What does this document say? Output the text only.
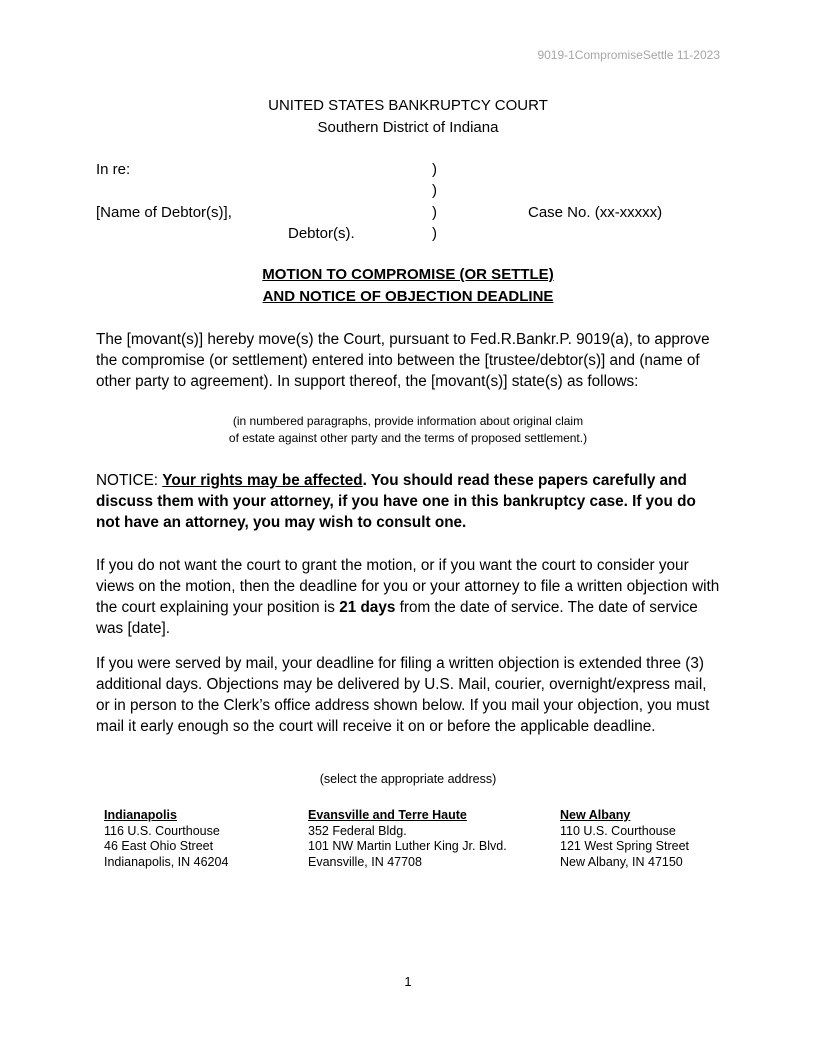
9019-1CompromiseSettle 11-2023
UNITED STATES BANKRUPTCY COURT
Southern District of Indiana
In re:
[Name of Debtor(s)],
Debtor(s).
)
)
)
)
Case No. (xx-xxxxx)
MOTION TO COMPROMISE (OR SETTLE)
AND NOTICE OF OBJECTION DEADLINE
The [movant(s)] hereby move(s) the Court, pursuant to Fed.R.Bankr.P. 9019(a), to approve the compromise (or settlement) entered into between the [trustee/debtor(s)] and (name of other party to agreement). In support thereof, the [movant(s)] state(s) as follows:
(in numbered paragraphs, provide information about original claim
of estate against other party and the terms of proposed settlement.)
NOTICE: Your rights may be affected. You should read these papers carefully and discuss them with your attorney, if you have one in this bankruptcy case. If you do not have an attorney, you may wish to consult one.
If you do not want the court to grant the motion, or if you want the court to consider your views on the motion, then the deadline for you or your attorney to file a written objection with the court explaining your position is 21 days from the date of service. The date of service was [date].
If you were served by mail, your deadline for filing a written objection is extended three (3) additional days. Objections may be delivered by U.S. Mail, courier, overnight/express mail, or in person to the Clerk’s office address shown below. If you mail your objection, you must mail it early enough so the court will receive it on or before the applicable deadline.
(select the appropriate address)
Indianapolis
116 U.S. Courthouse
46 East Ohio Street
Indianapolis, IN 46204
Evansville and Terre Haute
352 Federal Bldg.
101 NW Martin Luther King Jr. Blvd.
Evansville, IN 47708
New Albany
110 U.S. Courthouse
121 West Spring Street
New Albany, IN 47150
1
